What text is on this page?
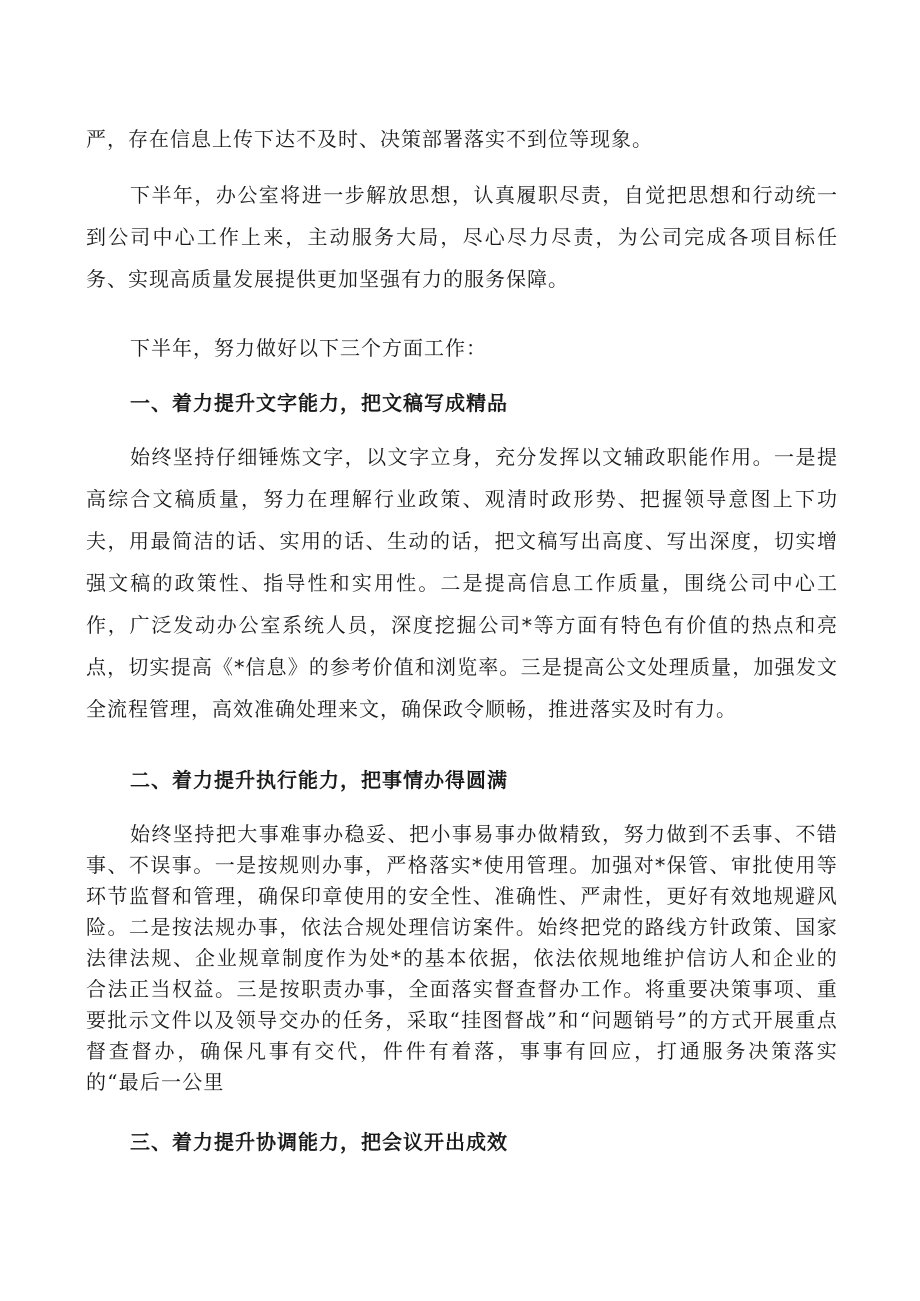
严，存在信息上传下达不及时、决策部署落实不到位等现象。

下半年，办公室将进一步解放思想，认真履职尽责，自觉把思想和行动统一到公司中心工作上来，主动服务大局，尽心尽力尽责，为公司完成各项目标任务、实现高质量发展提供更加坚强有力的服务保障。

下半年，努力做好以下三个方面工作：

一、着力提升文字能力，把文稿写成精品

始终坚持仔细锤炼文字，以文字立身，充分发挥以文辅政职能作用。一是提高综合文稿质量，努力在理解行业政策、观清时政形势、把握领导意图上下功夫，用最简洁的话、实用的话、生动的话，把文稿写出高度、写出深度，切实增强文稿的政策性、指导性和实用性。二是提高信息工作质量，围绕公司中心工作，广泛发动办公室系统人员，深度挖掘公司*等方面有特色有价值的热点和亮点，切实提高《*信息》的参考价值和浏览率。三是提高公文处理质量，加强发文全流程管理，高效准确处理来文，确保政令顺畅，推进落实及时有力。

二、着力提升执行能力，把事情办得圆满

始终坚持把大事难事办稳妥、把小事易事办做精致，努力做到不丢事、不错事、不误事。一是按规则办事，严格落实*使用管理。加强对*保管、审批使用等环节监督和管理，确保印章使用的安全性、准确性、严肃性，更好有效地规避风险。二是按法规办事，依法合规处理信访案件。始终把党的路线方针政策、国家法律法规、企业规章制度作为处*的基本依据，依法依规地维护信访人和企业的合法正当权益。三是按职责办事，全面落实督查督办工作。将重要决策事项、重要批示文件以及领导交办的任务，采取“挂图督战”和“问题销号”的方式开展重点督查督办，确保凡事有交代，件件有着落，事事有回应，打通服务决策落实的“最后一公里

三、着力提升协调能力，把会议开出成效
